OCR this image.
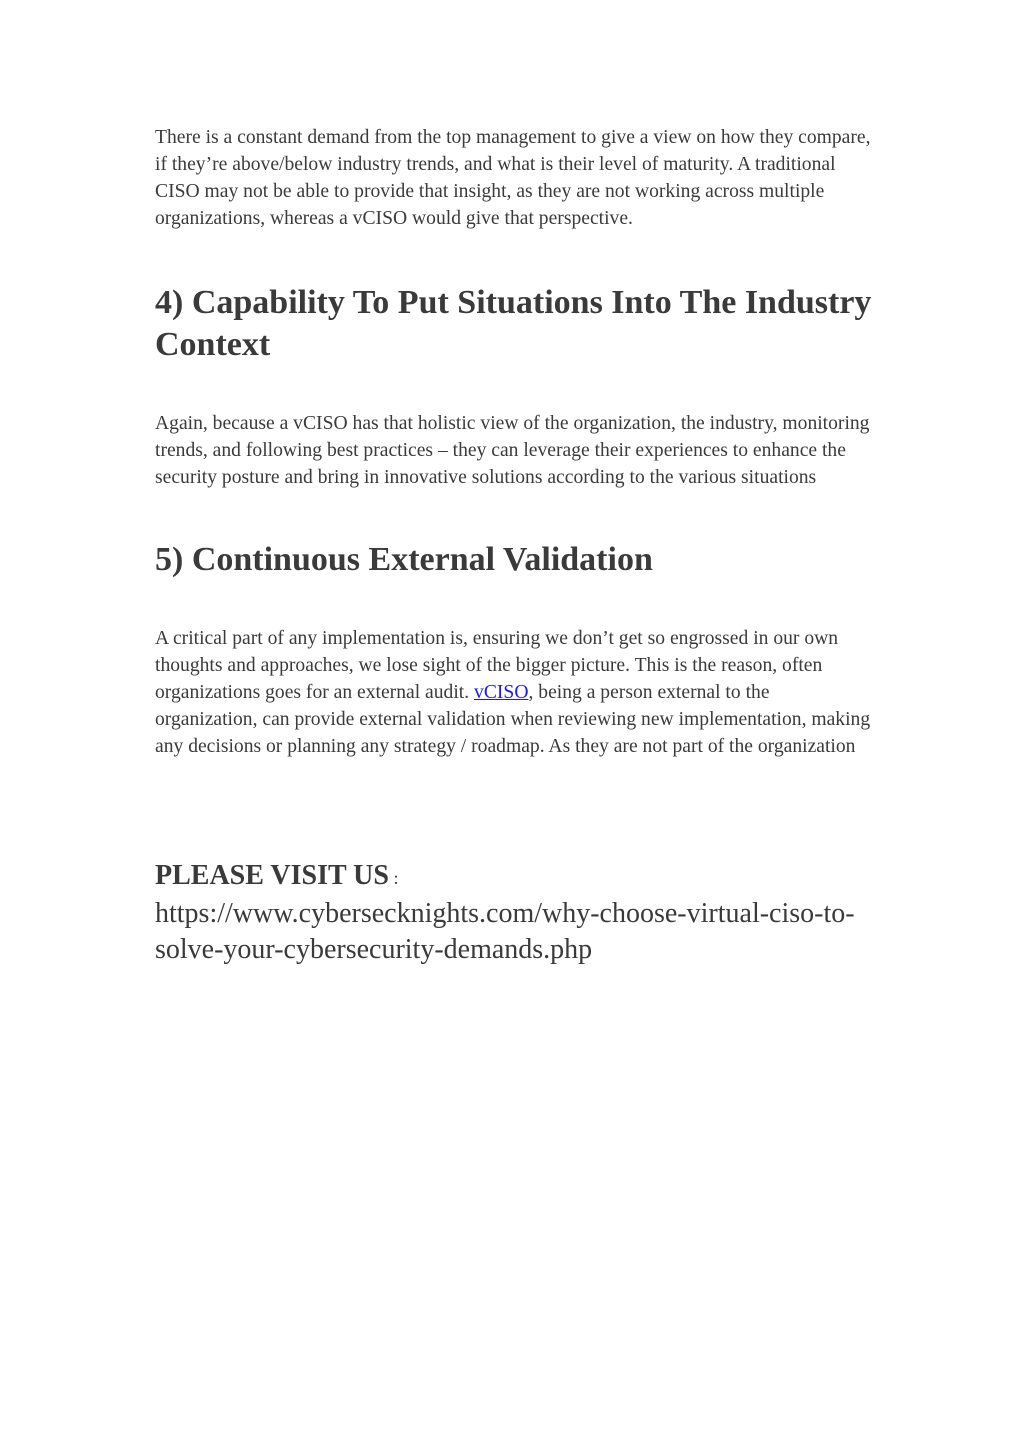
There is a constant demand from the top management to give a view on how they compare, if they’re above/below industry trends, and what is their level of maturity. A traditional CISO may not be able to provide that insight, as they are not working across multiple organizations, whereas a vCISO would give that perspective.

4) Capability To Put Situations Into The Industry Context

Again, because a vCISO has that holistic view of the organization, the industry, monitoring trends, and following best practices – they can leverage their experiences to enhance the security posture and bring in innovative solutions according to the various situations

5) Continuous External Validation

A critical part of any implementation is, ensuring we don’t get so engrossed in our own thoughts and approaches, we lose sight of the bigger picture. This is the reason, often organizations goes for an external audit. vCISO, being a person external to the organization, can provide external validation when reviewing new implementation, making any decisions or planning any strategy / roadmap. As they are not part of the organization

PLEASE VISIT US :
https://www.cybersecknights.com/why-choose-virtual-ciso-to-solve-your-cybersecurity-demands.php
